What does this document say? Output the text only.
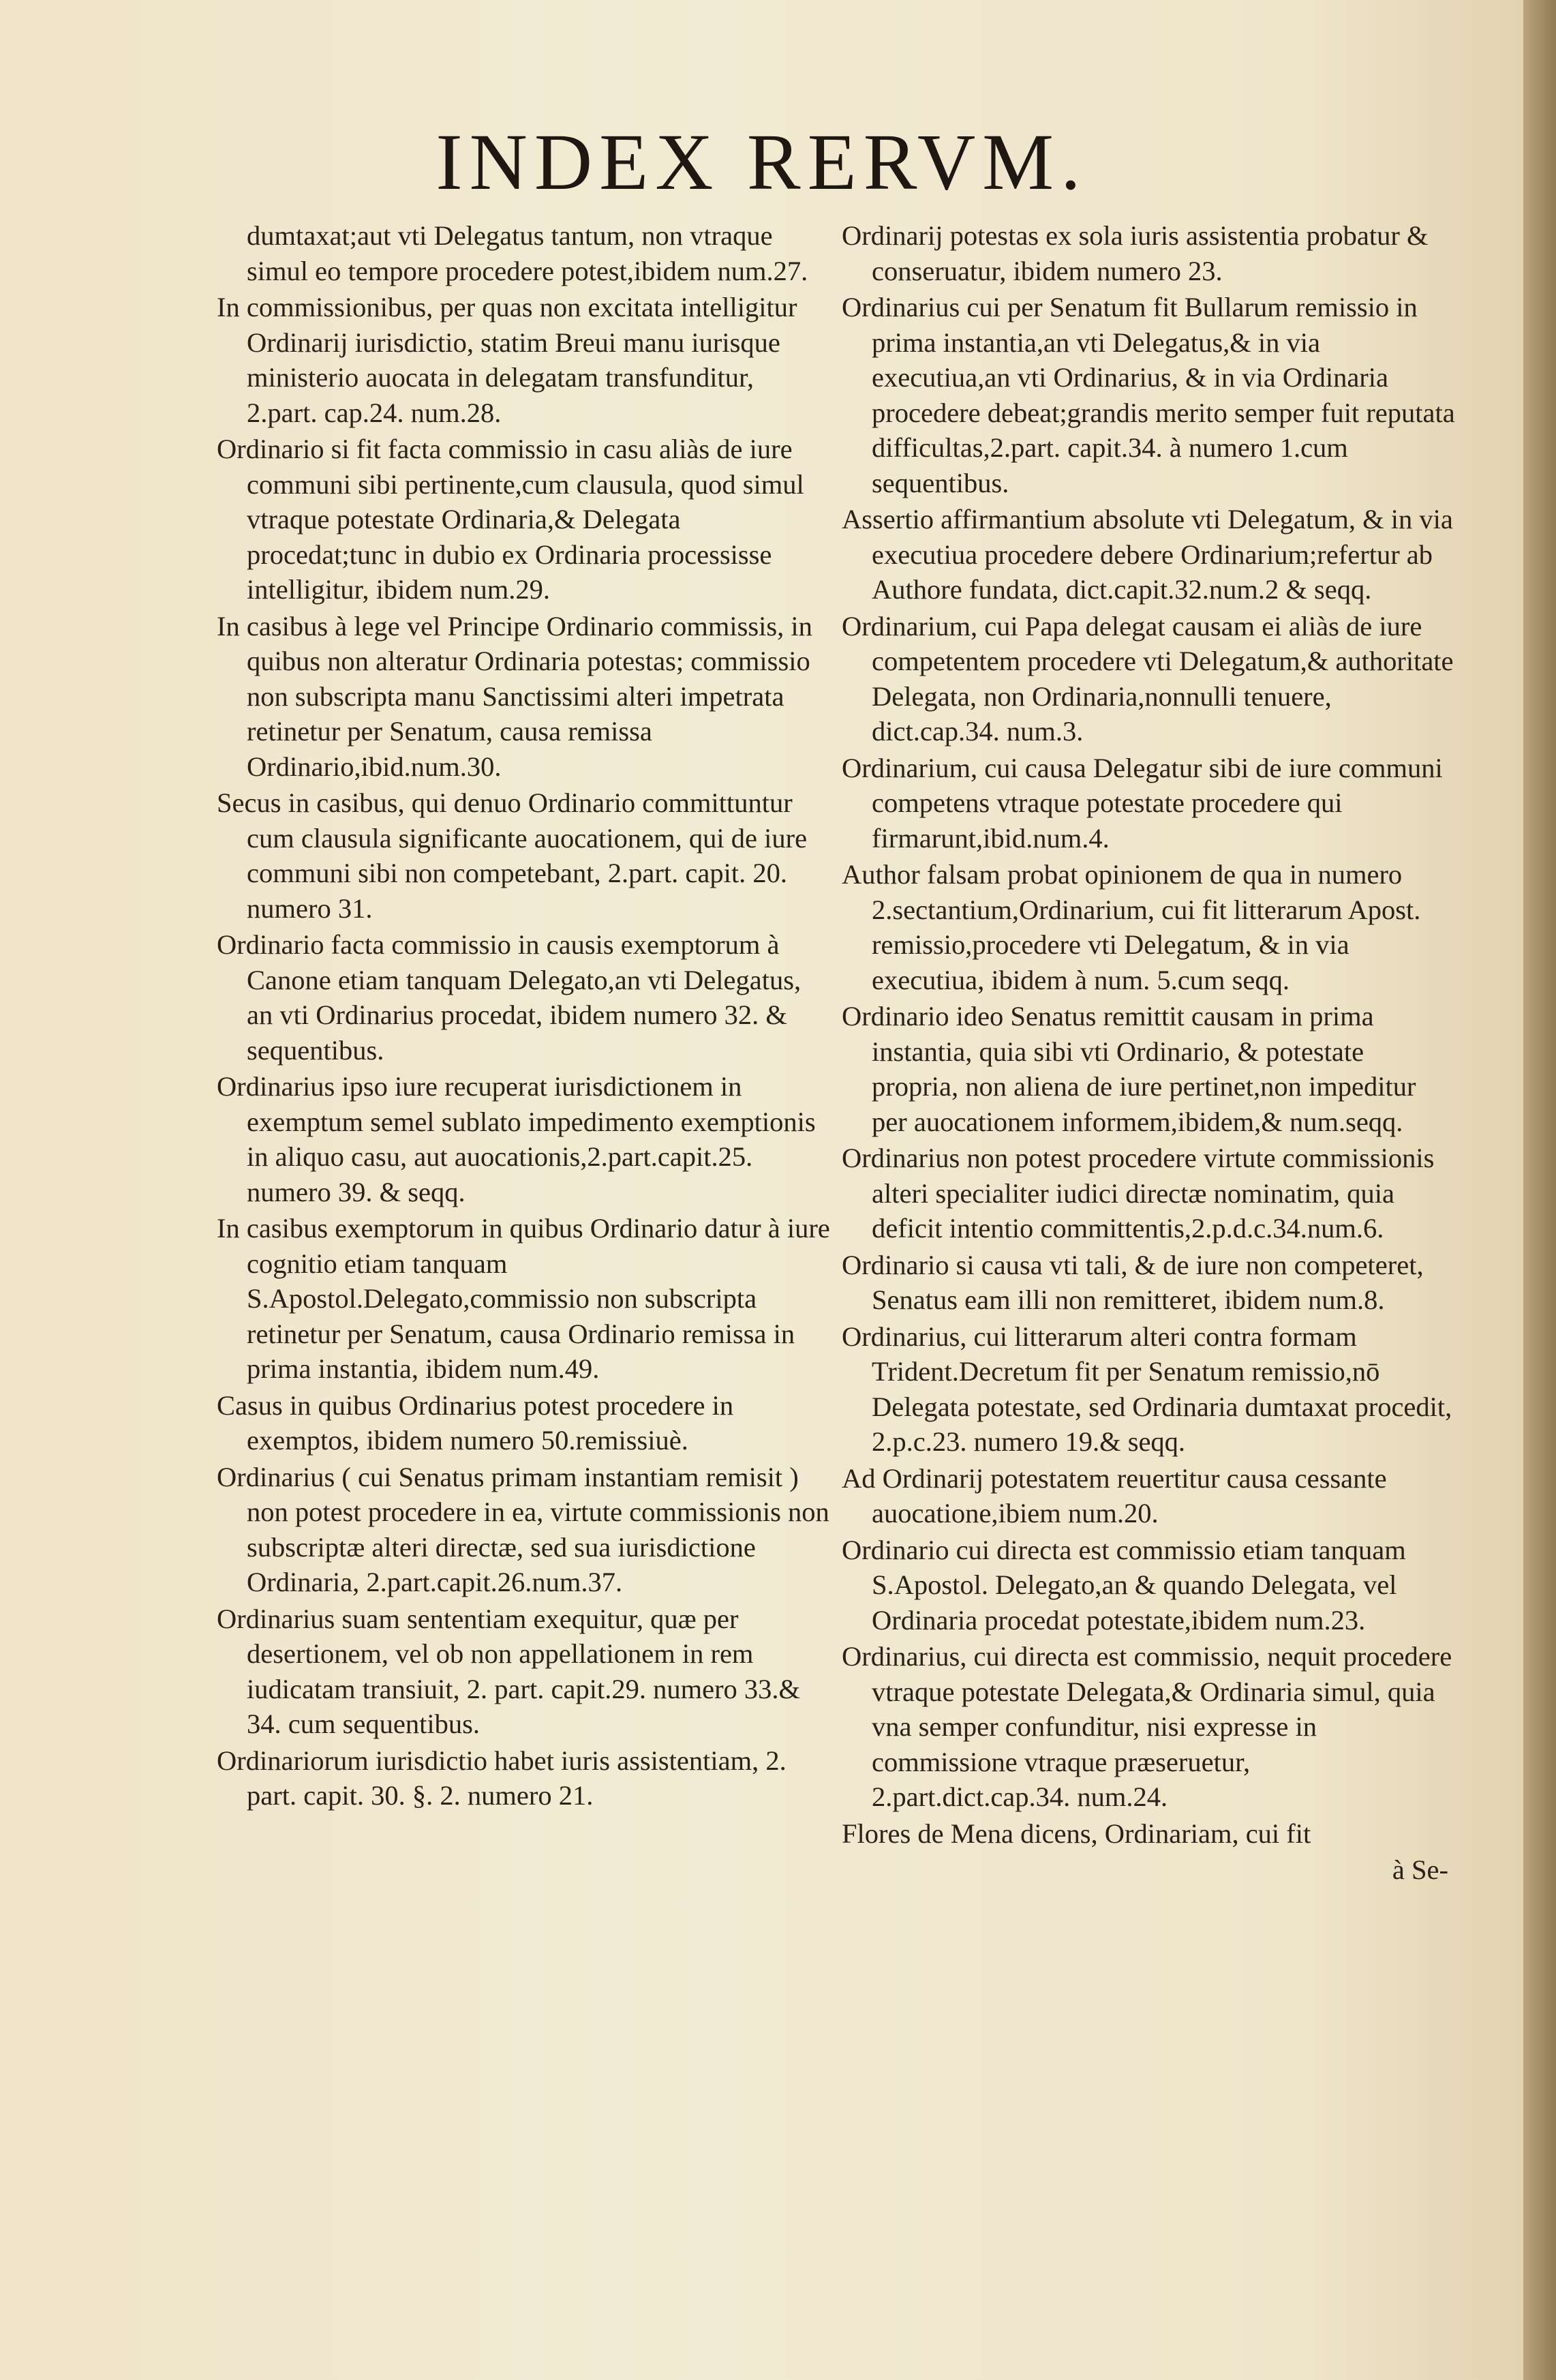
INDEX RERVM.
dumtaxat;aut vti Delegatus tantum, non vtraque simul eo tempore procedere potest,ibidem num.27.
In commissionibus, per quas non excitata intelligitur Ordinarij iurisdictio, statim Breui manu iurisque ministerio auocata in delegatam transfunditur, 2.part. cap.24. num.28.
Ordinario si fit facta commissio in casu aliàs de iure communi sibi pertinente,cum clausula, quod simul vtraque potestate Ordinaria,& Delegata procedat;tunc in dubio ex Ordinaria processisse intelligitur, ibidem num.29.
In casibus à lege vel Principe Ordinario commissis, in quibus non alteratur Ordinaria potestas; commissio non subscripta manu Sanctissimi alteri impetrata retinetur per Senatum, causa remissa Ordinario,ibid.num.30.
Secus in casibus, qui denuo Ordinario committuntur cum clausula significante auocationem, qui de iure communi sibi non competebant, 2.part. capit. 20. numero 31.
Ordinario facta commissio in causis exemptorum à Canone etiam tanquam Delegato,an vti Delegatus, an vti Ordinarius procedat, ibidem numero 32. & sequentibus.
Ordinarius ipso iure recuperat iurisdictionem in exemptum semel sublato impedimento exemptionis in aliquo casu, aut auocationis,2.part.capit.25. numero 39. & seqq.
In casibus exemptorum in quibus Ordinario datur à iure cognitio etiam tanquam S.Apostol.Delegato,commissio non subscripta retinetur per Senatum, causa Ordinario remissa in prima instantia, ibidem num.49.
Casus in quibus Ordinarius potest procedere in exemptos, ibidem numero 50.remissiuè.
Ordinarius ( cui Senatus primam instantiam remisit ) non potest procedere in ea, virtute commissionis non subscriptæ alteri directæ, sed sua iurisdictione Ordinaria, 2.part.capit.26.num.37.
Ordinarius suam sententiam exequitur, quæ per desertionem, vel ob non appellationem in rem iudicatam transiuit, 2. part. capit.29. numero 33.& 34. cum sequentibus.
Ordinariorum iurisdictio habet iuris assistentiam, 2. part. capit. 30. §. 2. numero 21.
Ordinarij potestas ex sola iuris assistentia probatur & conseruatur, ibidem numero 23.
Ordinarius cui per Senatum fit Bullarum remissio in prima instantia,an vti Delegatus,& in via executiua,an vti Ordinarius, & in via Ordinaria procedere debeat;grandis merito semper fuit reputata difficultas,2.part. capit.34. à numero 1.cum sequentibus.
Assertio affirmantium absolute vti Delegatum, & in via executiua procedere debere Ordinarium;refertur ab Authore fundata, dict.capit.32.num.2 & seqq.
Ordinarium, cui Papa delegat causam ei aliàs de iure competentem procedere vti Delegatum,& authoritate Delegata, non Ordinaria,nonnulli tenuere, dict.cap.34. num.3.
Ordinarium, cui causa Delegatur sibi de iure communi competens vtraque potestate procedere qui firmarunt,ibid.num.4.
Author falsam probat opinionem de qua in numero 2.sectantium,Ordinarium, cui fit litterarum Apost. remissio,procedere vti Delegatum, & in via executiua, ibidem à num. 5.cum seqq.
Ordinario ideo Senatus remittit causam in prima instantia, quia sibi vti Ordinario, & potestate propria, non aliena de iure pertinet,non impeditur per auocationem informem,ibidem,& num.seqq.
Ordinarius non potest procedere virtute commissionis alteri specialiter iudici directæ nominatim, quia deficit intentio committentis,2.p.d.c.34.num.6.
Ordinario si causa vti tali, & de iure non competeret, Senatus eam illi non remitteret, ibidem num.8.
Ordinarius, cui litterarum alteri contra formam Trident.Decretum fit per Senatum remissio,nō Delegata potestate, sed Ordinaria dumtaxat procedit, 2.p.c.23. numero 19.& seqq.
Ad Ordinarij potestatem reuertitur causa cessante auocatione,ibiem num.20.
Ordinario cui directa est commissio etiam tanquam S.Apostol. Delegato,an & quando Delegata, vel Ordinaria procedat potestate,ibidem num.23.
Ordinarius, cui directa est commissio, nequit procedere vtraque potestate Delegata,& Ordinaria simul, quia vna semper confunditur, nisi expresse in commissione vtraque præseruetur, 2.part.dict.cap.34. num.24.
Flores de Mena dicens, Ordinariam, cui fit
à Se-
